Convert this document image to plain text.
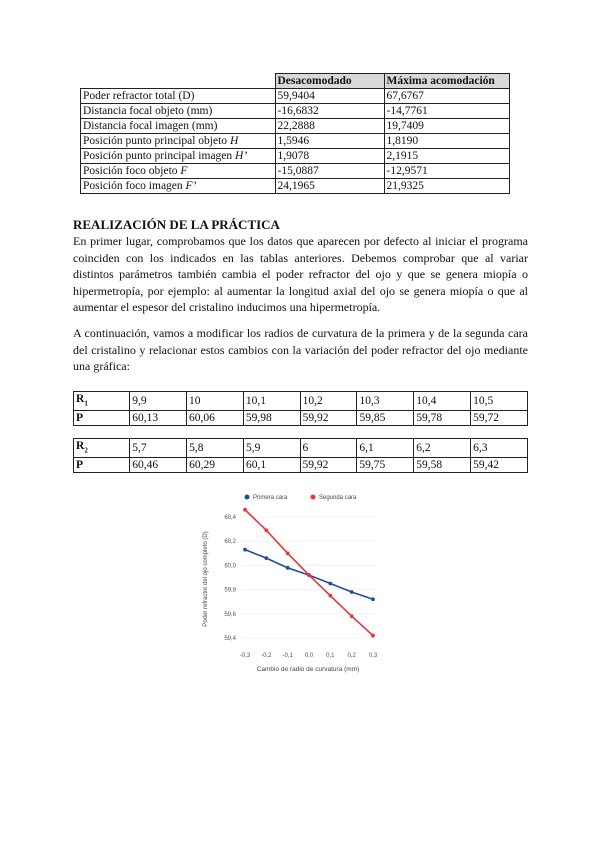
	Desacomodado	Máxima acomodación
Poder refractor total (D)	59,9404	67,6767
Distancia focal objeto (mm)	-16,6832	-14,7761
Distancia focal imagen (mm)	22,2888	19,7409
Posición punto principal objeto H	1,5946	1,8190
Posición punto principal imagen H’	1,9078	2,1915
Posición foco objeto F	-15,0887	-12,9571
Posición foco imagen F’	24,1965	21,9325
REALIZACIÓN DE LA PRÁCTICA

En primer lugar, comprobamos que los datos que aparecen por defecto al iniciar el programa coinciden con los indicados en las tablas anteriores. Debemos comprobar que al variar distintos parámetros también cambia el poder refractor del ojo y que se genera miopía o hipermetropía, por ejemplo: al aumentar la longitud axial del ojo se genera miopía o que al aumentar el espesor del cristalino inducimos una hipermetropía.

A continuación, vamos a modificar los radios de curvatura de la primera y de la segunda cara del cristalino y relacionar estos cambios con la variación del poder refractor del ojo mediante una gráfica:

$R_1$	9,9	10	10,1	10,2	10,3	10,4	10,5
P	60,13	60,06	59,98	59,92	59,85	59,78	59,72
$R_2$	5,7	5,8	5,9	6	6,1	6,2	6,3
P	60,46	60,29	60,1	59,92	59,75	59,58	59,42
Primera cara	Segunda cara
59,4
59,6
59,8
60,0
60,2
60,4
-0,3 -0,2 -0,1 0,0 0,1 0,2 0,3
Poder refractor del ojo completo (D)
Cambio de radio de curvatura (mm)
